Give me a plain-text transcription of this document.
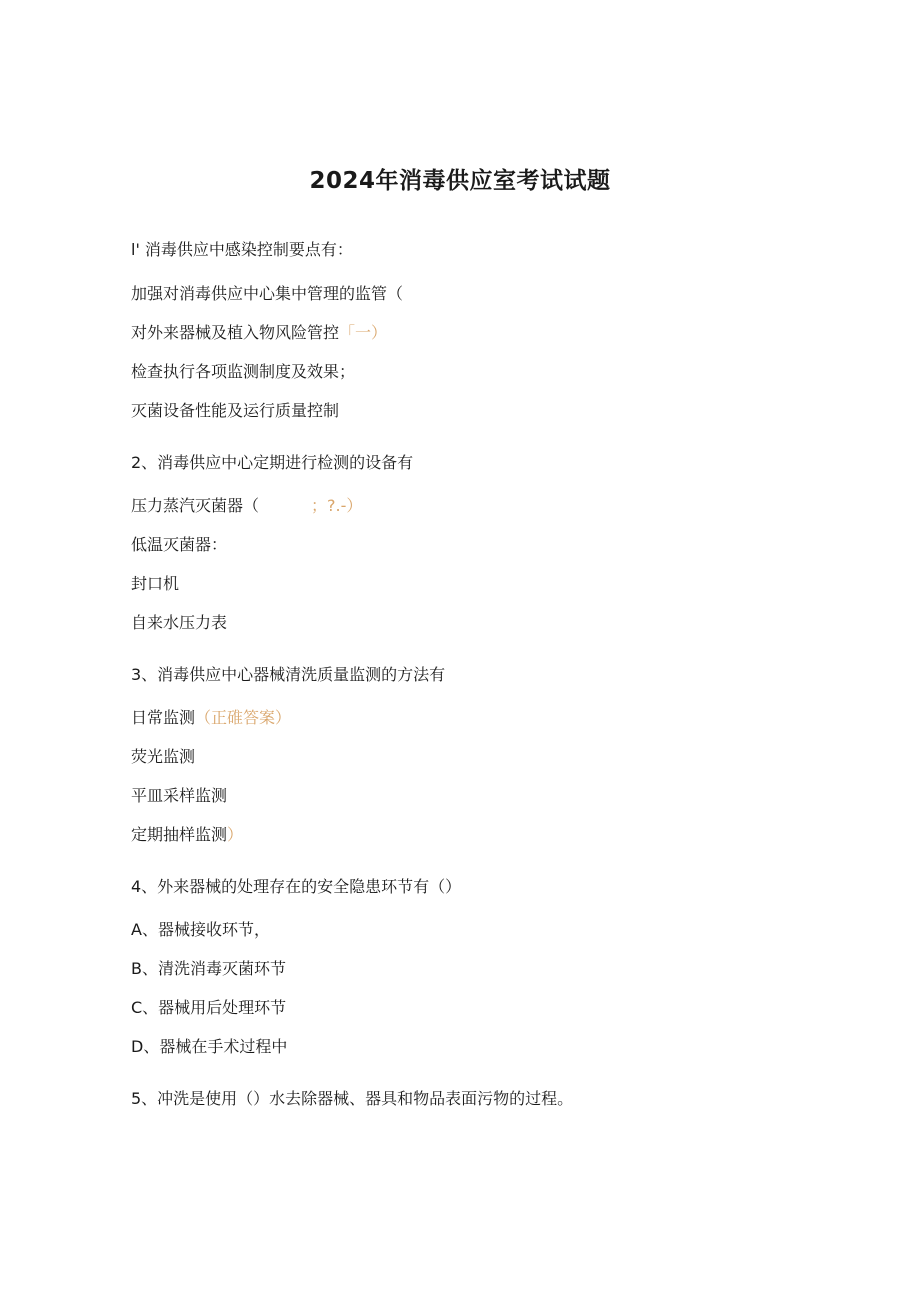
2024年消毒供应室考试试题
l' 消毒供应中感染控制要点有：
加强对消毒供应中心集中管理的监管（
对外来器械及植入物风险管控「一）
检查执行各项监测制度及效果；
灭菌设备性能及运行质量控制
2、消毒供应中心定期进行检测的设备有
压力蒸汽灭菌器（	；?.-）
低温灭菌器：
封口机
自来水压力表
3、消毒供应中心器械清洗质量监测的方法有
日常监测（正碓答案）
荧光监测
平皿采样监测
定期抽样监测）
4、外来器械的处理存在的安全隐患环节有（）
A、器械接收环节，
B、清洗消毒灭菌环节
C、器械用后处理环节
D、器械在手术过程中
5、冲洗是使用（）水去除器械、器具和物品表面污物的过程。
